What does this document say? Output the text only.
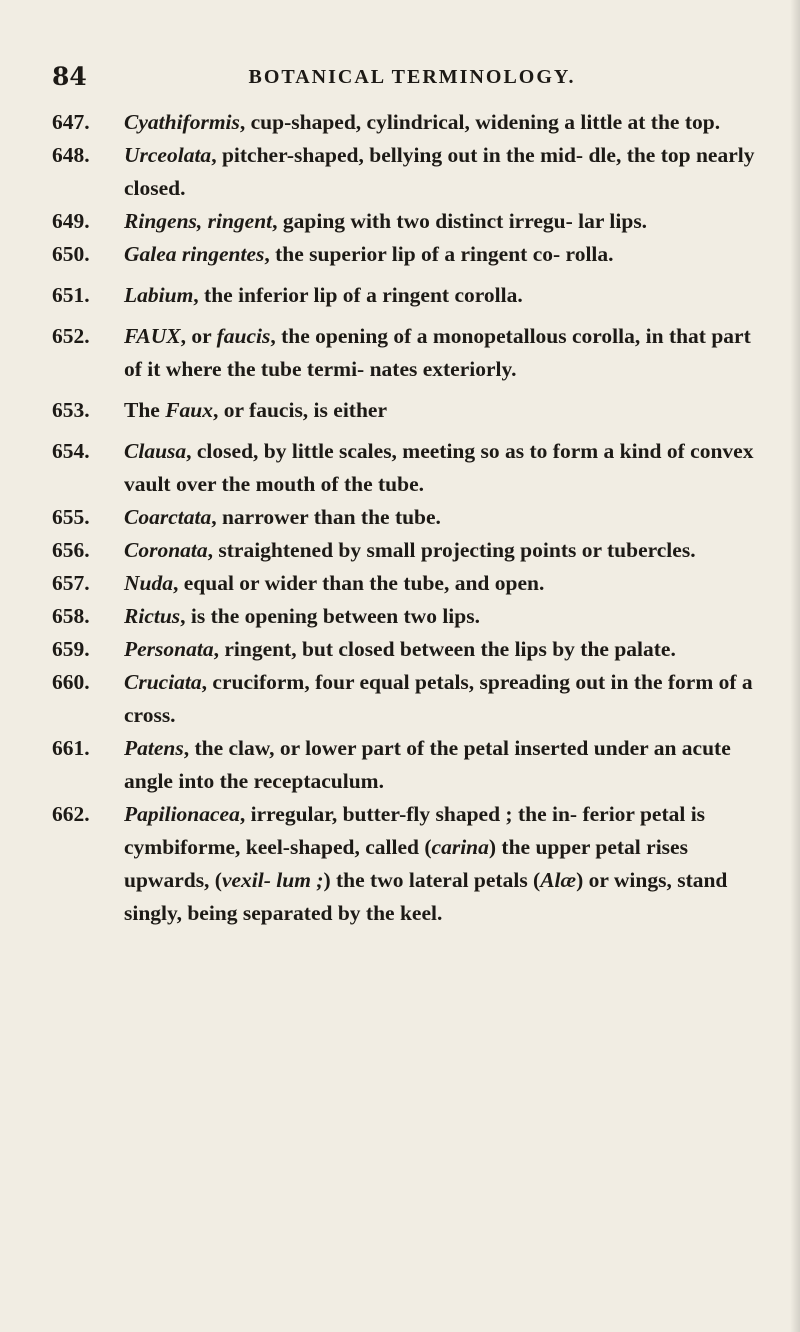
84	BOTANICAL TERMINOLOGY.
647.	Cyathiformis, cup-shaped, cylindrical, widening a little at the top.
648.	Urceolata, pitcher-shaped, bellying out in the mid- dle, the top nearly closed.
649.	Ringens, ringent, gaping with two distinct irregu- lar lips.
650.	Galea ringentes, the superior lip of a ringent co- rolla.
651.	Labium, the inferior lip of a ringent corolla.
652.	FAUX, or faucis, the opening of a monopetallous corolla, in that part of it where the tube termi- nates exteriorly.
653.	The Faux, or faucis, is either
654.	Clausa, closed, by little scales, meeting so as to form a kind of convex vault over the mouth of the tube.
655.	Coarctata, narrower than the tube.
656.	Coronata, straightened by small projecting points or tubercles.
657.	Nuda, equal or wider than the tube, and open.
658.	Rictus, is the opening between two lips.
659.	Personata, ringent, but closed between the lips by the palate.
660.	Cruciata, cruciform, four equal petals, spreading out in the form of a cross.
661.	Patens, the claw, or lower part of the petal inserted under an acute angle into the receptaculum.
662.	Papilionacea, irregular, butter-fly shaped ; the in- ferior petal is cymbiforme, keel-shaped, called (carina) the upper petal rises upwards, (vexil- lum ;) the two lateral petals (Alæ) or wings, stand singly, being separated by the keel.
